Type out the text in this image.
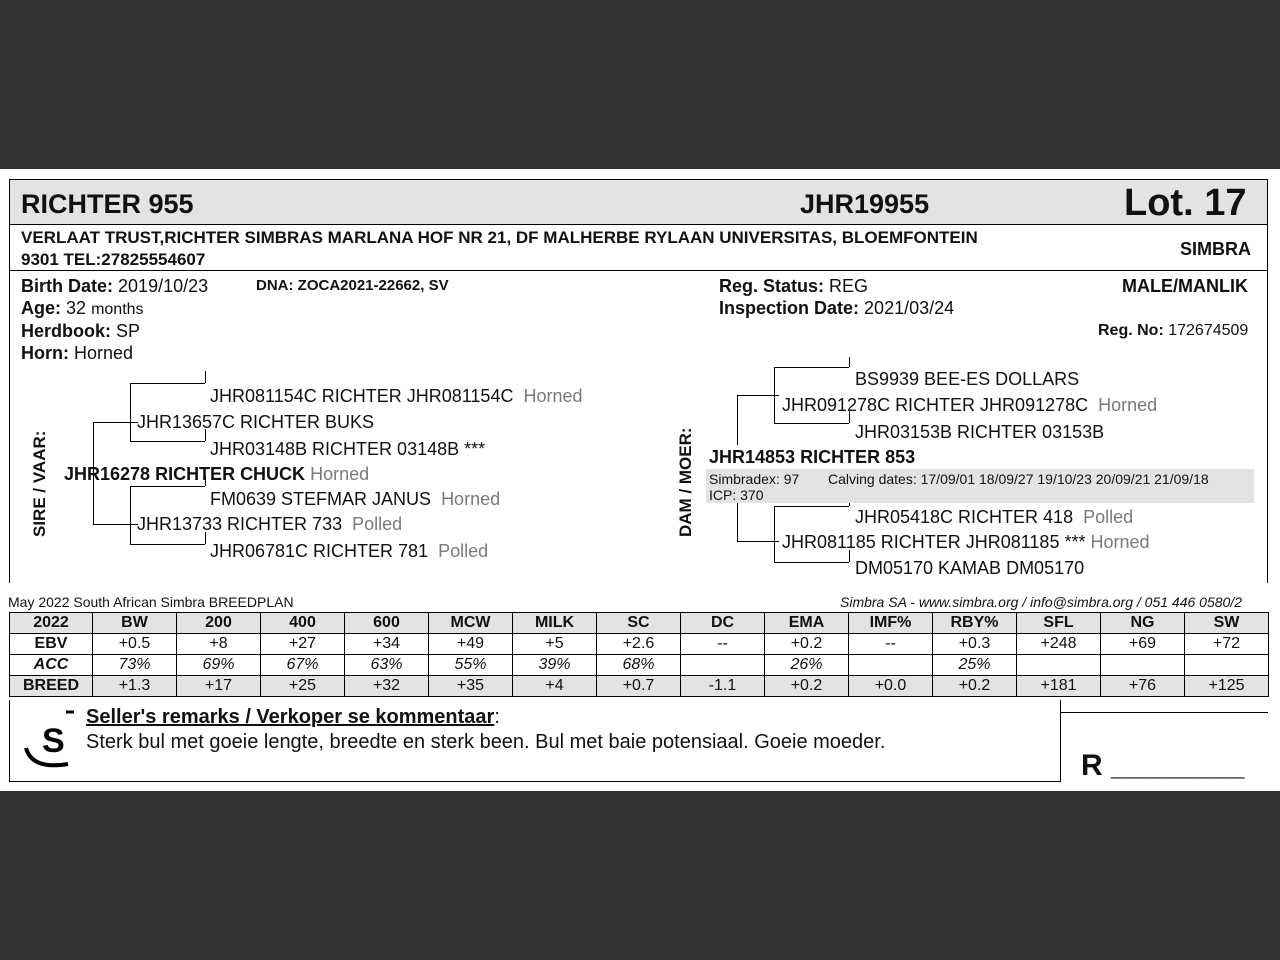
RICHTER 955	JHR19955	Lot. 17
VERLAAT TRUST,RICHTER SIMBRAS MARLANA HOF NR 21, DF MALHERBE RYLAAN UNIVERSITAS, BLOEMFONTEIN
9301 TEL:27825554607
SIMBRA
Birth Date: 2019/10/23	DNA: ZOCA2021-22662, SV
Age: 32 months
Herdbook: SP
Horn: Horned
Reg. Status: REG
Inspection Date: 2021/03/24
MALE/MANLIK
Reg. No: 172674509
SIRE / VAAR:
JHR081154C RICHTER JHR081154C Horned
JHR13657C RICHTER BUKS
JHR03148B RICHTER 03148B ***
JHR16278 RICHTER CHUCK Horned
FM0639 STEFMAR JANUS Horned
JHR13733 RICHTER 733 Polled
JHR06781C RICHTER 781 Polled
DAM / MOER:
BS9939 BEE-ES DOLLARS
JHR091278C RICHTER JHR091278C Horned
JHR03153B RICHTER 03153B
JHR14853 RICHTER 853
Simbradex: 97 Calving dates: 17/09/01 18/09/27 19/10/23 20/09/21 21/09/18
ICP: 370
JHR05418C RICHTER 418 Polled
JHR081185 RICHTER JHR081185 *** Horned
DM05170 KAMAB DM05170
May 2022 South African Simbra BREEDPLAN	Simbra SA - www.simbra.org / info@simbra.org / 051 446 0580/2
2022	BW	200	400	600	MCW	MILK	SC	DC	EMA	IMF%	RBY%	SFL	NG	SW
EBV	+0.5	+8	+27	+34	+49	+5	+2.6	--	+0.2	--	+0.3	+248	+69	+72
ACC	73%	69%	67%	63%	55%	39%	68%		26%		25%			
BREED	+1.3	+17	+25	+32	+35	+4	+0.7	-1.1	+0.2	+0.0	+0.2	+181	+76	+125
S
Seller's remarks / Verkoper se kommentaar:
Sterk bul met goeie lengte, breedte en sterk been. Bul met baie potensiaal. Goeie moeder.
R ________
